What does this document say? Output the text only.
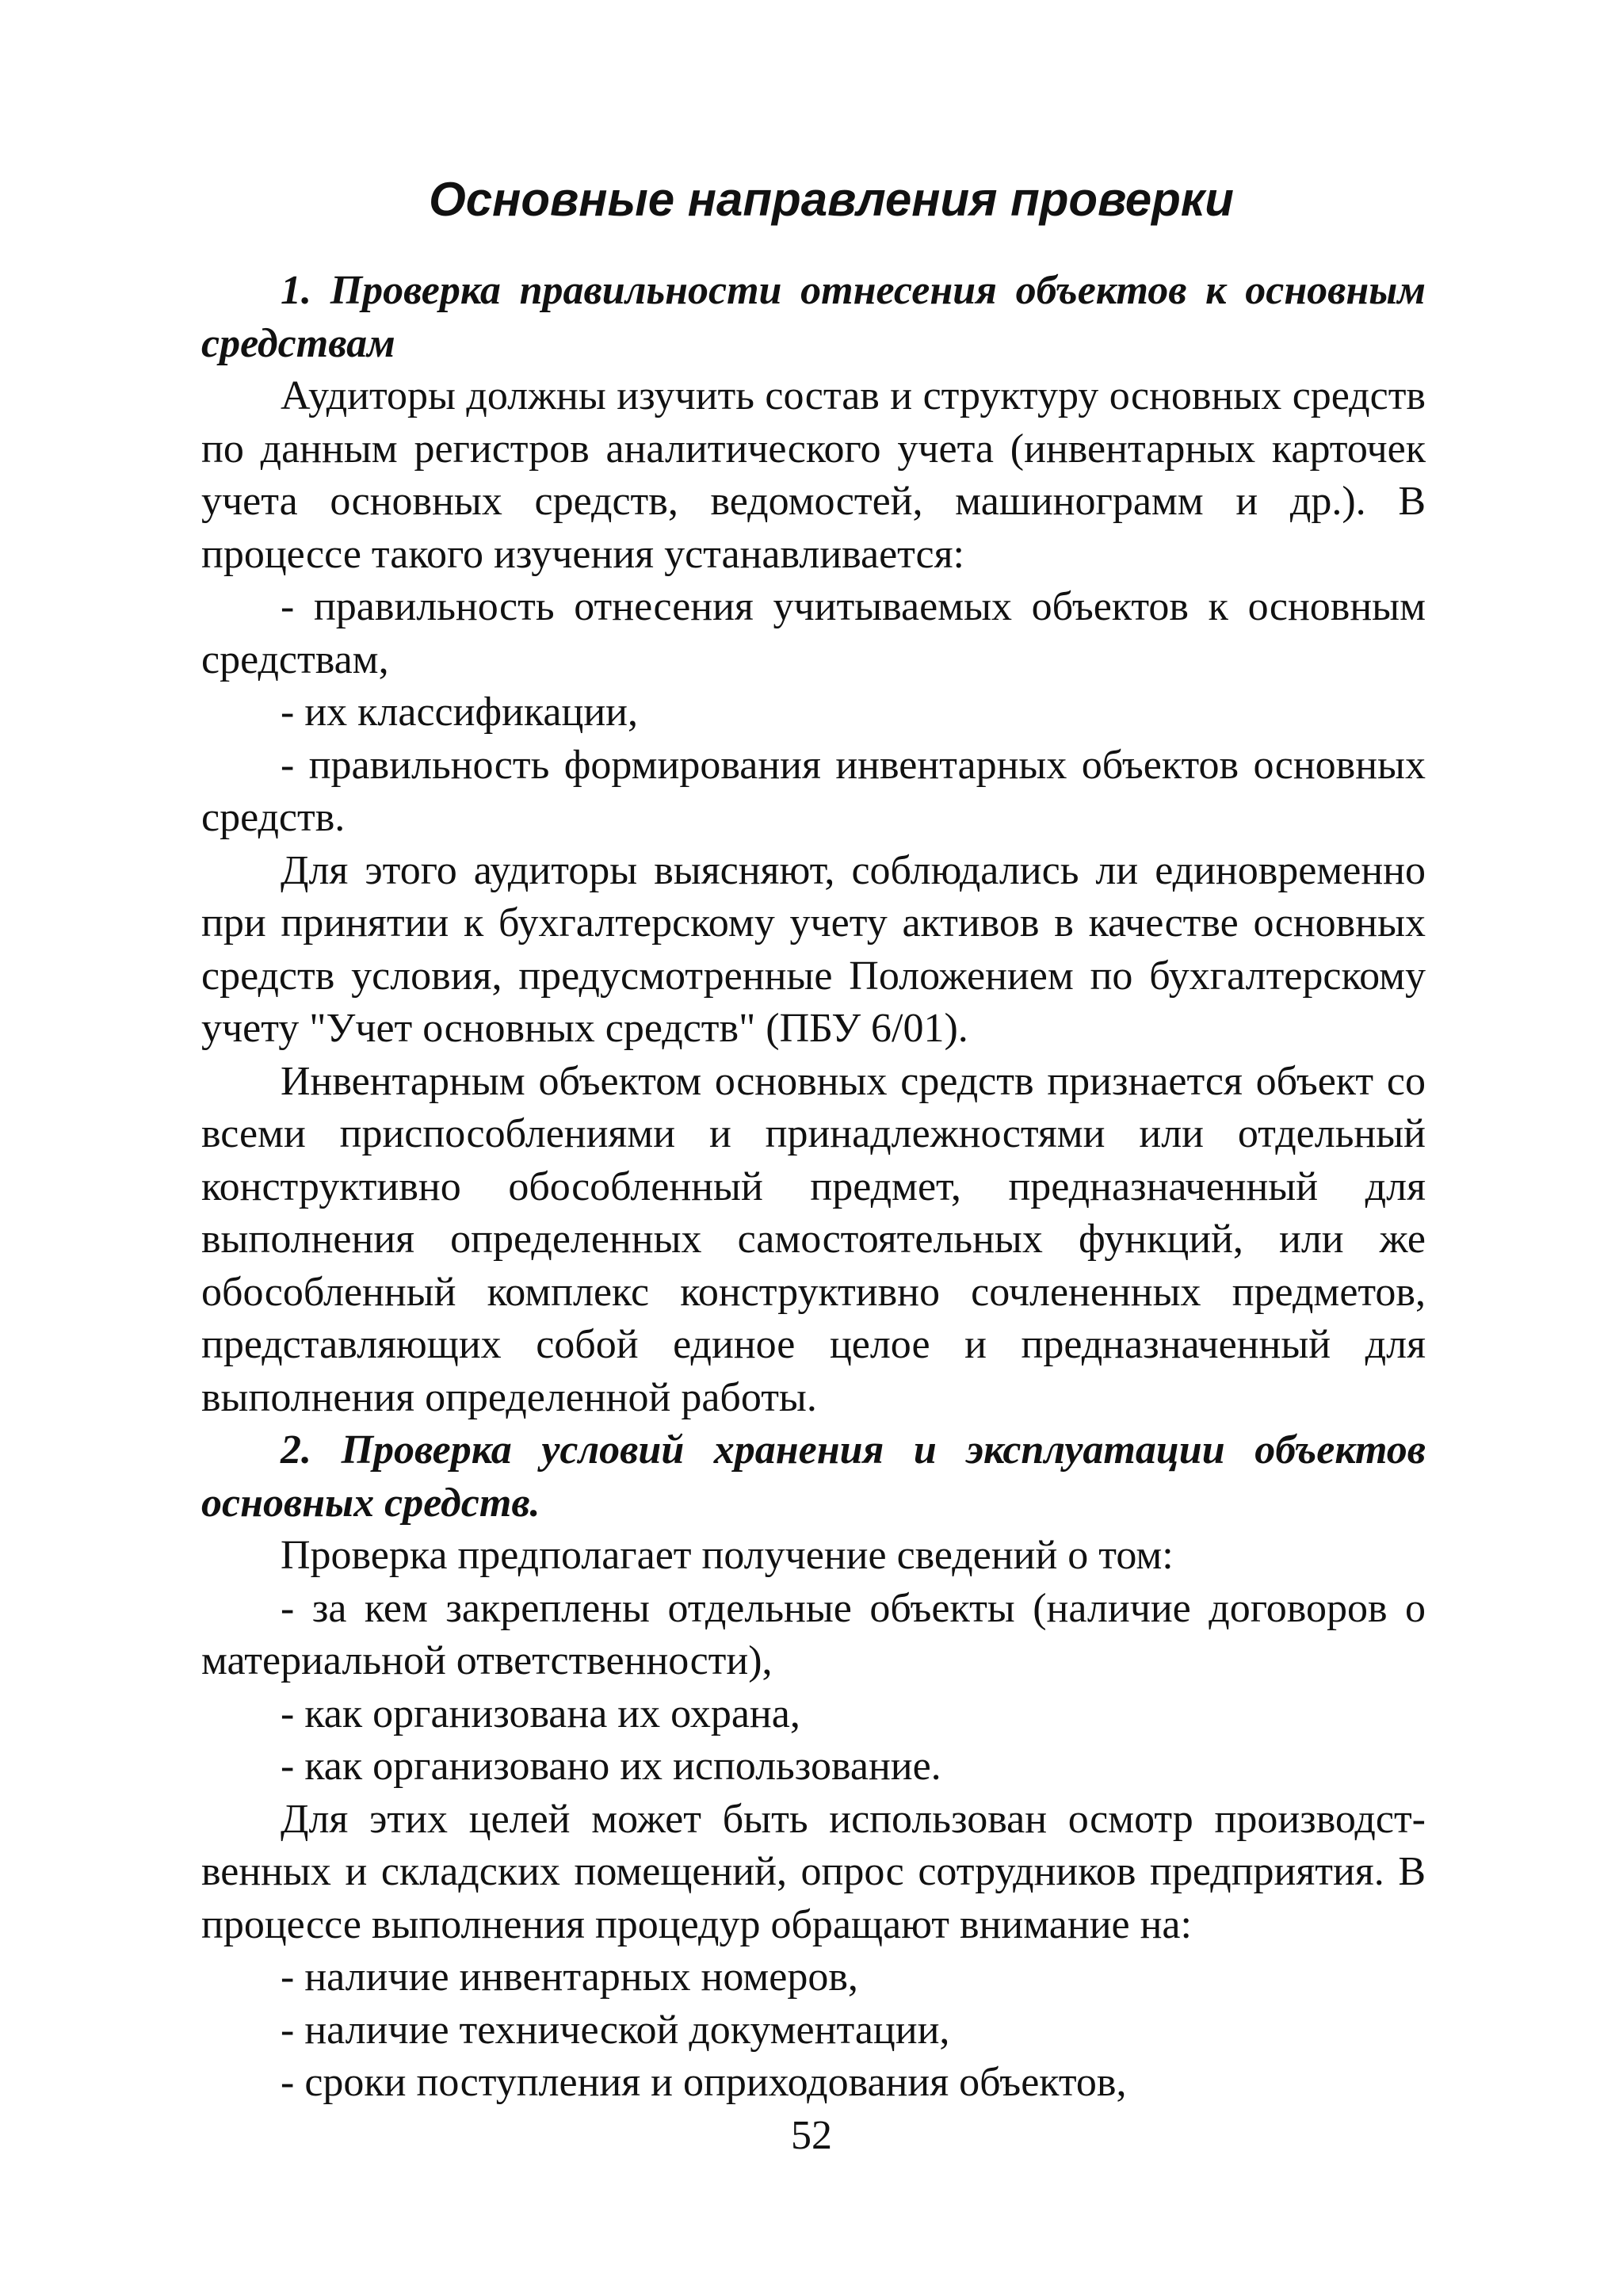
Основные направления проверки

1. Проверка правильности отнесения объектов к основным средствам

Аудиторы должны изучить состав и структуру основных средств по данным регистров аналитического учета (инвентарных карточек учета основных средств, ведомостей, машинограмм и др.). В процессе такого изучения устанавливается:

- правильность отнесения учитываемых объектов к основным средствам,

- их классификации,

- правильность формирования инвентарных объектов основных средств.

Для этого аудиторы выясняют, соблюдались ли единовременно при принятии к бухгалтерскому учету активов в качестве основных средств условия, предусмотренные Положением по бухгалтерскому учету "Учет основных средств" (ПБУ 6/01).

Инвентарным объектом основных средств признается объект со всеми приспособлениями и принадлежностями или отдельный конструктивно обособленный предмет, предназначенный для выполнения определенных самостоятельных функций, или же обособленный комплекс конструктивно сочлененных предметов, представляющих собой единое целое и предназначенный для выполнения определенной работы.

2. Проверка условий хранения и эксплуатации объектов основных средств.

Проверка предполагает получение сведений о том:

- за кем закреплены отдельные объекты (наличие договоров о материальной ответственности),

- как организована их охрана,

- как организовано их использование.

Для этих целей может быть использован осмотр производственных и складских помещений, опрос сотрудников предприятия. В процессе выполнения процедур обращают внимание на:

- наличие инвентарных номеров,

- наличие технической документации,

- сроки поступления и оприходования объектов,

52
